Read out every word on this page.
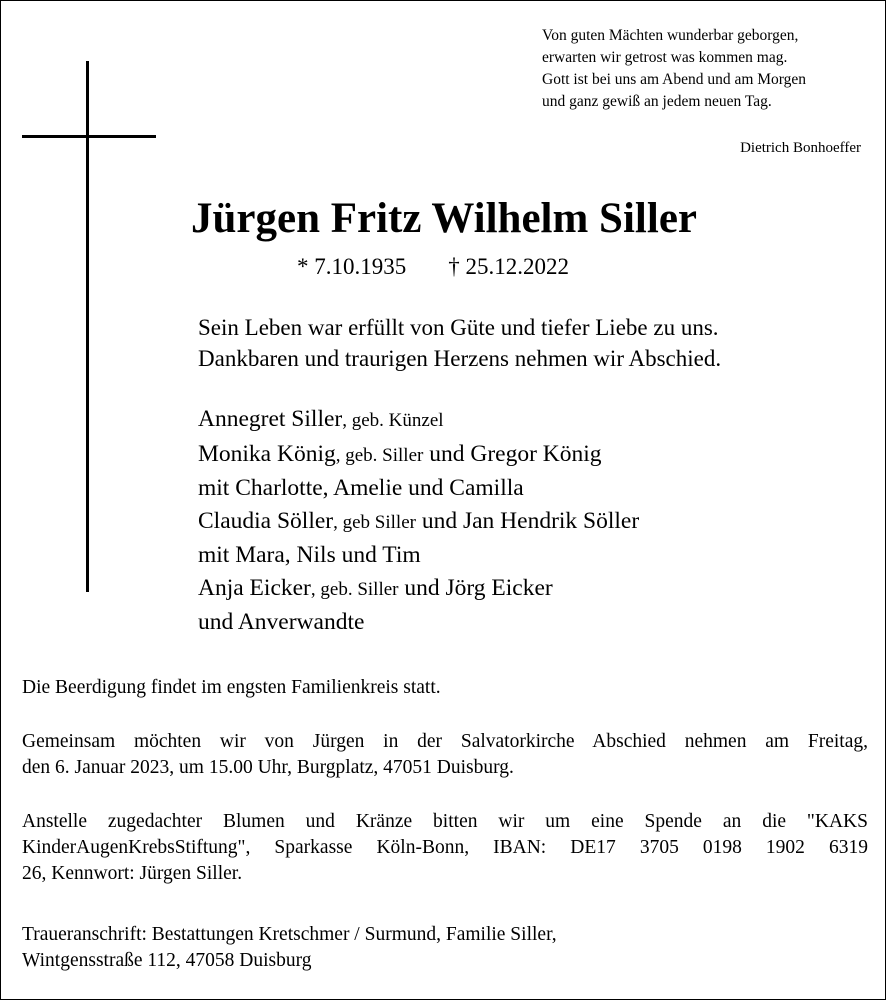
Von guten Mächten wunderbar geborgen,
erwarten wir getrost was kommen mag.
Gott ist bei uns am Abend und am Morgen
und ganz gewiß an jedem neuen Tag.
Dietrich Bonhoeffer
Jürgen Fritz Wilhelm Siller
* 7.10.1935 † 25.12.2022
Sein Leben war erfüllt von Güte und tiefer Liebe zu uns.
Dankbaren und traurigen Herzens nehmen wir Abschied.
Annegret Siller, geb. Künzel
Monika König, geb. Siller und Gregor König
mit Charlotte, Amelie und Camilla
Claudia Söller, geb Siller und Jan Hendrik Söller
mit Mara, Nils und Tim
Anja Eicker, geb. Siller und Jörg Eicker
und Anverwandte
Die Beerdigung findet im engsten Familienkreis statt.
Gemeinsam möchten wir von Jürgen in der Salvatorkirche Abschied nehmen am Freitag,
den 6. Januar 2023, um 15.00 Uhr, Burgplatz, 47051 Duisburg.
Anstelle zugedachter Blumen und Kränze bitten wir um eine Spende an die "KAKS
KinderAugenKrebsStiftung", Sparkasse Köln-Bonn, IBAN: DE17 3705 0198 1902 6319
26, Kennwort: Jürgen Siller.
Traueranschrift: Bestattungen Kretschmer / Surmund, Familie Siller,
Wintgensstraße 112, 47058 Duisburg
